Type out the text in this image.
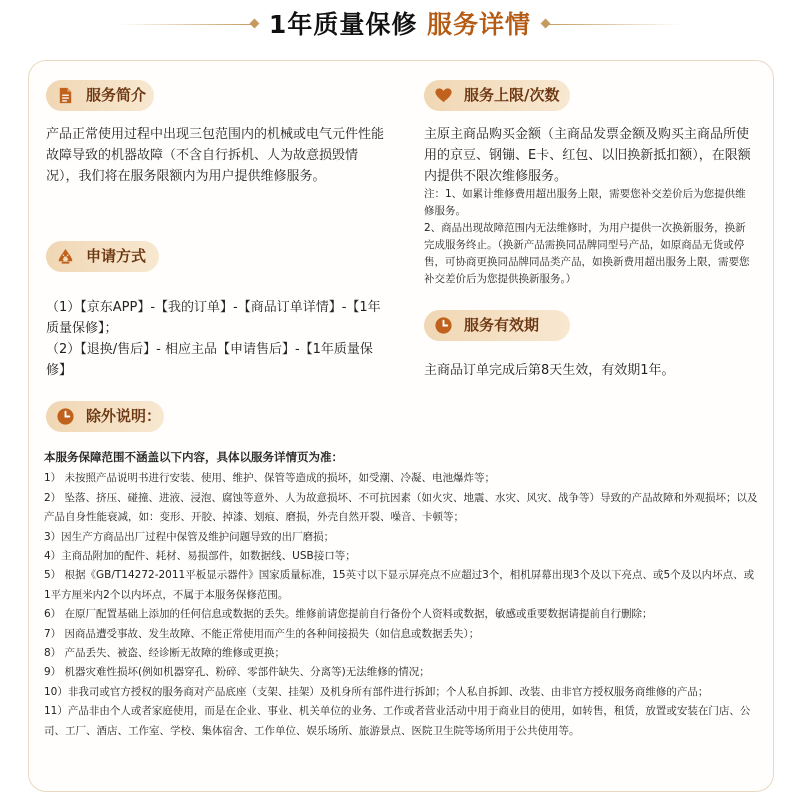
1年质量保修 服务详情
服务简介
产品正常使用过程中出现三包范围内的机械或电气元件性能故障导致的机器故障（不含自行拆机、人为故意损毁情况），我们将在服务限额内为用户提供维修服务。
申请方式
（1）【京东APP】-【我的订单】-【商品订单详情】-【1年质量保修】；
（2）【退换/售后】- 相应主品【申请售后】-【1年质量保修】
除外说明：
本服务保障范围不涵盖以下内容，具体以服务详情页为准：
1） 未按照产品说明书进行安装、使用、维护、保管等造成的损坏，如受潮、冷凝、电池爆炸等；
2） 坠落、挤压、碰撞、进液、浸泡、腐蚀等意外、人为故意损坏、不可抗因素（如火灾、地震、水灾、风灾、战争等）导致的产品故障和外观损坏；以及产品自身性能衰减，如：变形、开胶、掉漆、划痕、磨损，外壳自然开裂、噪音、卡顿等；
3）因生产方商品出厂过程中保管及维护问题导致的出厂磨损；
4）主商品附加的配件、耗材、易损部件，如数据线、USB接口等；
5） 根据《GB/T14272-2011平板显示器件》国家质量标准，15英寸以下显示屏亮点不应超过3个，相机屏幕出现3个及以下亮点、或5个及以内坏点、或1平方厘米内2个以内坏点，不属于本服务保修范围。
6） 在原厂配置基础上添加的任何信息或数据的丢失。维修前请您提前自行备份个人资料或数据，敏感或重要数据请提前自行删除；
7） 因商品遭受事故、发生故障、不能正常使用而产生的各种间接损失（如信息或数据丢失）；
8） 产品丢失、被盗、经诊断无故障的维修或更换；
9） 机器灾难性损坏(例如机器穿孔、粉碎、零部件缺失、分离等)无法维修的情况；
10）非我司或官方授权的服务商对产品底座（支架、挂架）及机身所有部件进行拆卸；个人私自拆卸、改装、由非官方授权服务商维修的产品；
11）产品非由个人或者家庭使用，而是在企业、事业、机关单位的业务、工作或者营业活动中用于商业目的使用，如转售，租赁，放置或安装在门店、公司、工厂、酒店、工作室、学校、集体宿舍、工作单位、娱乐场所、旅游景点、医院卫生院等场所用于公共使用等。
服务上限/次数
主原主商品购买金额（主商品发票金额及购买主商品所使用的京豆、钢镚、E卡、红包、以旧换新抵扣额），在限额内提供不限次维修服务。
注：1、如累计维修费用超出服务上限，需要您补交差价后为您提供维修服务。
2、商品出现故障范围内无法维修时，为用户提供一次换新服务，换新完成服务终止。（换新产品需换同品牌同型号产品，如原商品无货或停售，可协商更换同品牌同品类产品，如换新费用超出服务上限，需要您补交差价后为您提供换新服务。）
服务有效期
主商品订单完成后第8天生效，有效期1年。
